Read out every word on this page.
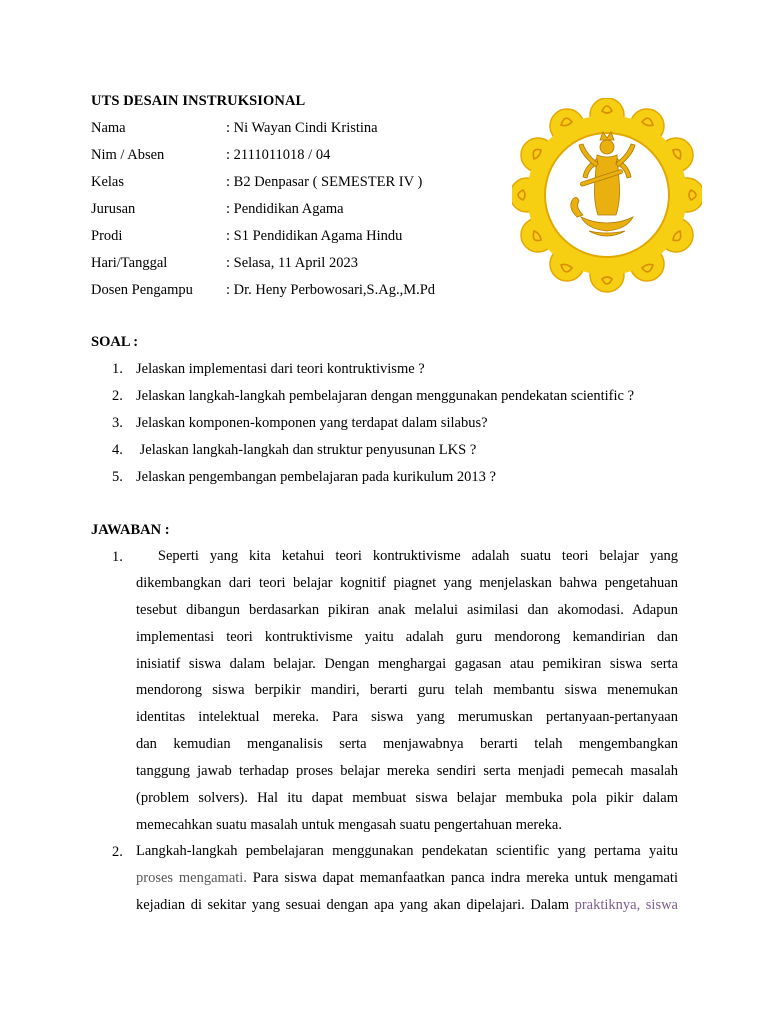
UTS DESAIN INSTRUKSIONAL
Nama	: Ni Wayan Cindi Kristina
Nim / Absen	: 2111011018 / 04
Kelas	: B2 Denpasar ( SEMESTER IV )
Jurusan	: Pendidikan Agama
Prodi	: S1 Pendidikan Agama Hindu
Hari/Tanggal	: Selasa, 11 April 2023
Dosen Pengampu : Dr. Heny Perbowosari,S.Ag.,M.Pd
SOAL :
1. Jelaskan implementasi dari teori kontruktivisme ?
2. Jelaskan langkah-langkah pembelajaran dengan menggunakan pendekatan scientific ?
3. Jelaskan komponen-komponen yang terdapat dalam silabus?
4. Jelaskan langkah-langkah dan struktur penyusunan LKS ?
5. Jelaskan pengembangan pembelajaran pada kurikulum 2013 ?
JAWABAN :
1. Seperti yang kita ketahui teori kontruktivisme adalah suatu teori belajar yang
dikembangkan dari teori belajar kognitif piagnet yang menjelaskan bahwa pengetahuan
tesebut dibangun berdasarkan pikiran anak melalui asimilasi dan akomodasi. Adapun
implementasi teori kontruktivisme yaitu adalah guru mendorong kemandirian dan
inisiatif siswa dalam belajar. Dengan menghargai gagasan atau pemikiran siswa serta
mendorong siswa berpikir mandiri, berarti guru telah membantu siswa menemukan
identitas intelektual mereka. Para siswa yang merumuskan pertanyaan-pertanyaan
dan kemudian menganalisis serta menjawabnya berarti telah mengembangkan
tanggung jawab terhadap proses belajar mereka sendiri serta menjadi pemecah masalah
(problem solvers). Hal itu dapat membuat siswa belajar membuka pola pikir dalam
memecahkan suatu masalah untuk mengasah suatu pengertahuan mereka.
2. Langkah-langkah pembelajaran menggunakan pendekatan scientific yang pertama yaitu
proses mengamati. Para siswa dapat memanfaatkan panca indra mereka untuk mengamati
kejadian di sekitar yang sesuai dengan apa yang akan dipelajari. Dalam praktiknya, siswa
